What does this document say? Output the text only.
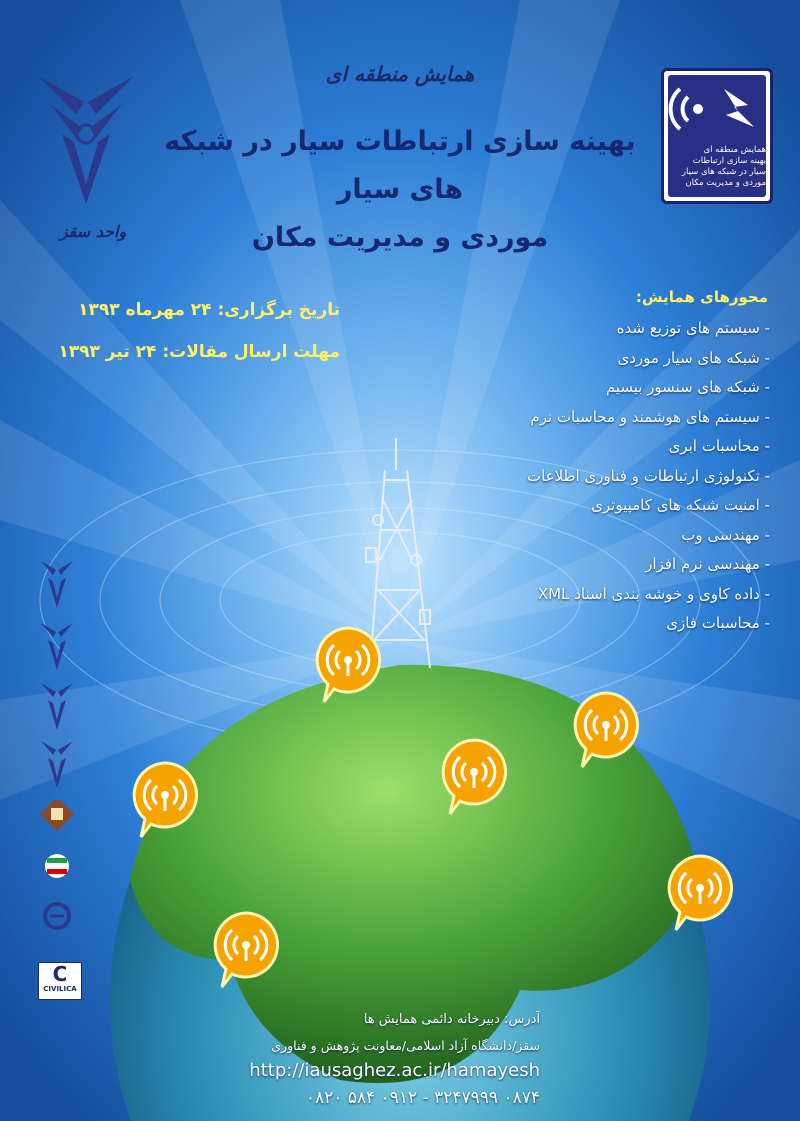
واحد سقز
همایش منطقه ای
بهینه سازی ارتباطات
سیار در شبکه های سیار
موردی و مدیریت مکان
همایش منطقه ای
بهینه سازی ارتباطات سیار در شبکه های سیار
موردی و مدیریت مکان
تاریخ برگزاری: ۲۴ مهرماه ۱۳۹۳
مهلت ارسال مقالات: ۲۴ تیر ۱۳۹۳
محورهای همایش:
- سیستم های توزیع شده
- شبکه های سیار موردی
- شبکه های سنسور بیسیم
- سیستم های هوشمند و محاسبات نرم
- محاسبات ابری
- تکنولوژی ارتباطات و فناوری اطلاعات
- امنیت شبکه های کامپیوتری
- مهندسی وب
- مهندسی نرم افزار
- داده کاوی و خوشه بندی اسناد XML
- محاسبات فازی
C
CIVILICA
آدرس: دبیرخانه دائمی همایش ها
سقز/دانشگاه آزاد اسلامی/معاونت پژوهش و فناوری
http://iausaghez.ac.ir/hamayesh
۰۸۷۴ ۳۲۴۷۹۹۹ - ۰۹۱۲ ۵۸۴ ۰۸۲۰
